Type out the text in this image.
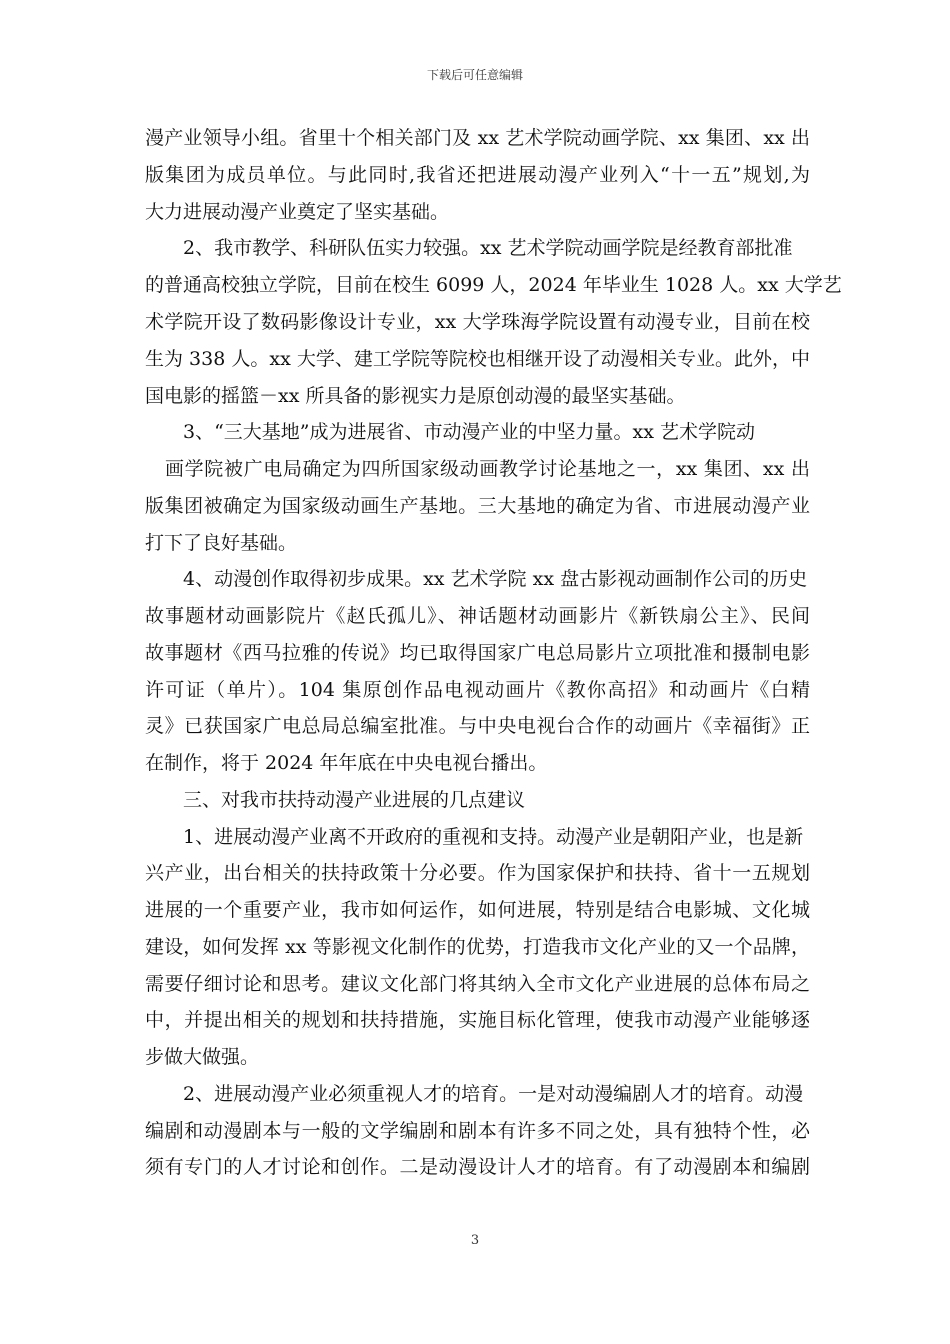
下载后可任意编辑
漫产业领导小组。省里十个相关部门及 xx 艺术学院动画学院、xx 集团、xx 出
版集团为成员单位。与此同时,我省还把进展动漫产业列入“十一五”规划,为
大力进展动漫产业奠定了坚实基础。
2、我市教学、科研队伍实力较强。xx 艺术学院动画学院是经教育部批准
的普通高校独立学院，目前在校生 6099 人，2024 年毕业生 1028 人。xx 大学艺
术学院开设了数码影像设计专业，xx 大学珠海学院设置有动漫专业，目前在校
生为 338 人。xx 大学、建工学院等院校也相继开设了动漫相关专业。此外，中
国电影的摇篮－xx 所具备的影视实力是原创动漫的最坚实基础。
3、“三大基地”成为进展省、市动漫产业的中坚力量。xx 艺术学院动
画学院被广电局确定为四所国家级动画教学讨论基地之一，xx 集团、xx 出
版集团被确定为国家级动画生产基地。三大基地的确定为省、市进展动漫产业
打下了良好基础。
4、动漫创作取得初步成果。xx 艺术学院 xx 盘古影视动画制作公司的历史
故事题材动画影院片《赵氏孤儿》、神话题材动画影片《新铁扇公主》、民间
故事题材《西马拉雅的传说》均已取得国家广电总局影片立项批准和摄制电影
许可证（单片）。104 集原创作品电视动画片《教你高招》和动画片《白精
灵》已获国家广电总局总编室批准。与中央电视台合作的动画片《幸福街》正
在制作，将于 2024 年年底在中央电视台播出。
三、对我市扶持动漫产业进展的几点建议
1、进展动漫产业离不开政府的重视和支持。动漫产业是朝阳产业，也是新
兴产业，出台相关的扶持政策十分必要。作为国家保护和扶持、省十一五规划
进展的一个重要产业，我市如何运作，如何进展，特别是结合电影城、文化城
建设，如何发挥 xx 等影视文化制作的优势，打造我市文化产业的又一个品牌，
需要仔细讨论和思考。建议文化部门将其纳入全市文化产业进展的总体布局之
中，并提出相关的规划和扶持措施，实施目标化管理，使我市动漫产业能够逐
步做大做强。
2、进展动漫产业必须重视人才的培育。一是对动漫编剧人才的培育。动漫
编剧和动漫剧本与一般的文学编剧和剧本有许多不同之处，具有独特个性，必
须有专门的人才讨论和创作。二是动漫设计人才的培育。有了动漫剧本和编剧
3
